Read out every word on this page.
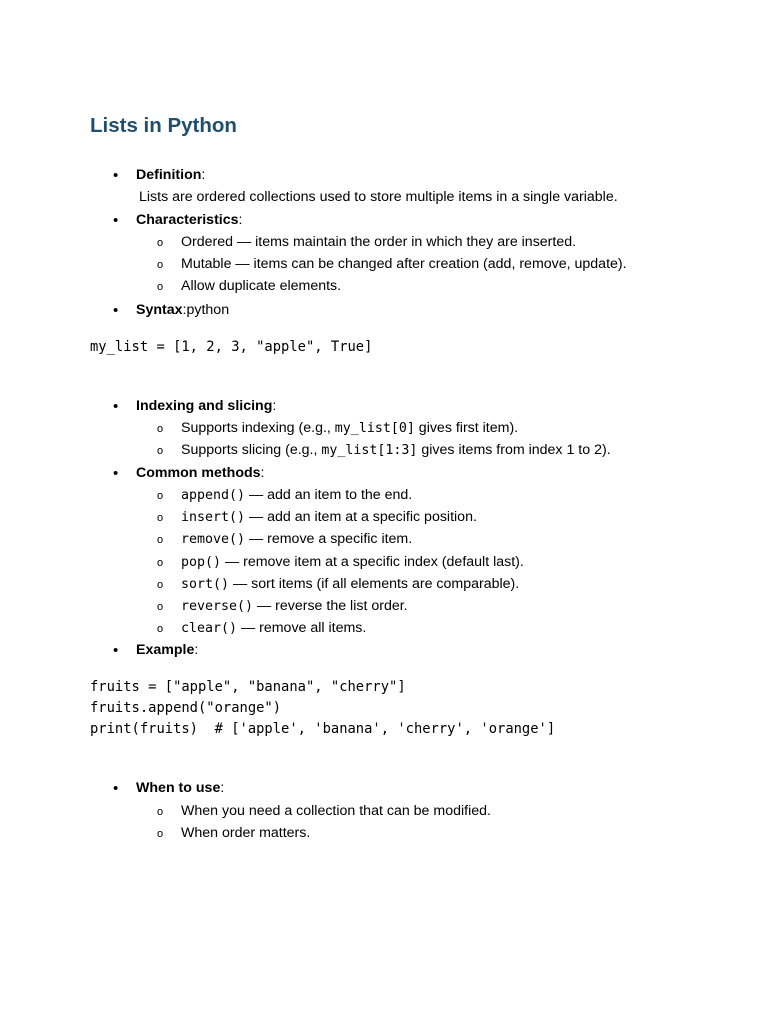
Lists in Python
• Definition:
Lists are ordered collections used to store multiple items in a single variable.
• Characteristics:
o Ordered — items maintain the order in which they are inserted.
o Mutable — items can be changed after creation (add, remove, update).
o Allow duplicate elements.
• Syntax:python
my_list = [1, 2, 3, "apple", True]
• Indexing and slicing:
o Supports indexing (e.g., my_list[0] gives first item).
o Supports slicing (e.g., my_list[1:3] gives items from index 1 to 2).
• Common methods:
o append() — add an item to the end.
o insert() — add an item at a specific position.
o remove() — remove a specific item.
o pop() — remove item at a specific index (default last).
o sort() — sort items (if all elements are comparable).
o reverse() — reverse the list order.
o clear() — remove all items.
• Example:
fruits = ["apple", "banana", "cherry"]
fruits.append("orange")
print(fruits)  # ['apple', 'banana', 'cherry', 'orange']
• When to use:
o When you need a collection that can be modified.
o When order matters.
